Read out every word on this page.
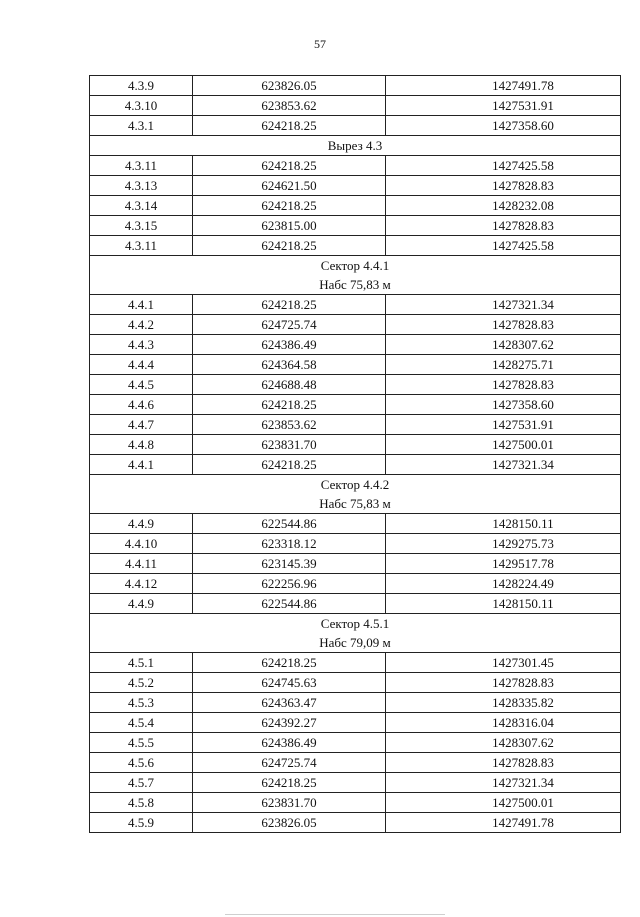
57
4.3.9	623826.05	1427491.78
4.3.10	623853.62	1427531.91
4.3.1	624218.25	1427358.60

Вырез 4.3		

4.3.11	624218.25	1427425.58
4.3.13	624621.50	1427828.83
4.3.14	624218.25	1428232.08
4.3.15	623815.00	1427828.83
4.3.11	624218.25	1427425.58

Сектор 4.4.1
Набс 75,83 м		

4.4.1	624218.25	1427321.34
4.4.2	624725.74	1427828.83
4.4.3	624386.49	1428307.62
4.4.4	624364.58	1428275.71
4.4.5	624688.48	1427828.83
4.4.6	624218.25	1427358.60
4.4.7	623853.62	1427531.91
4.4.8	623831.70	1427500.01
4.4.1	624218.25	1427321.34

Сектор 4.4.2
Набс 75,83 м		

4.4.9	622544.86	1428150.11
4.4.10	623318.12	1429275.73
4.4.11	623145.39	1429517.78
4.4.12	622256.96	1428224.49
4.4.9	622544.86	1428150.11

Сектор 4.5.1
Набс 79,09 м		

4.5.1	624218.25	1427301.45
4.5.2	624745.63	1427828.83
4.5.3	624363.47	1428335.82
4.5.4	624392.27	1428316.04
4.5.5	624386.49	1428307.62
4.5.6	624725.74	1427828.83
4.5.7	624218.25	1427321.34
4.5.8	623831.70	1427500.01
4.5.9	623826.05	1427491.78
